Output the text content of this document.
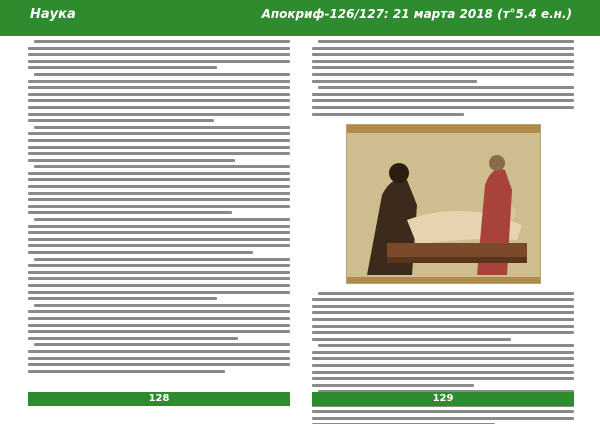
Наука	Апокриф-126/127: 21 марта 2018 (т°5.4 е.н.)
128	129
